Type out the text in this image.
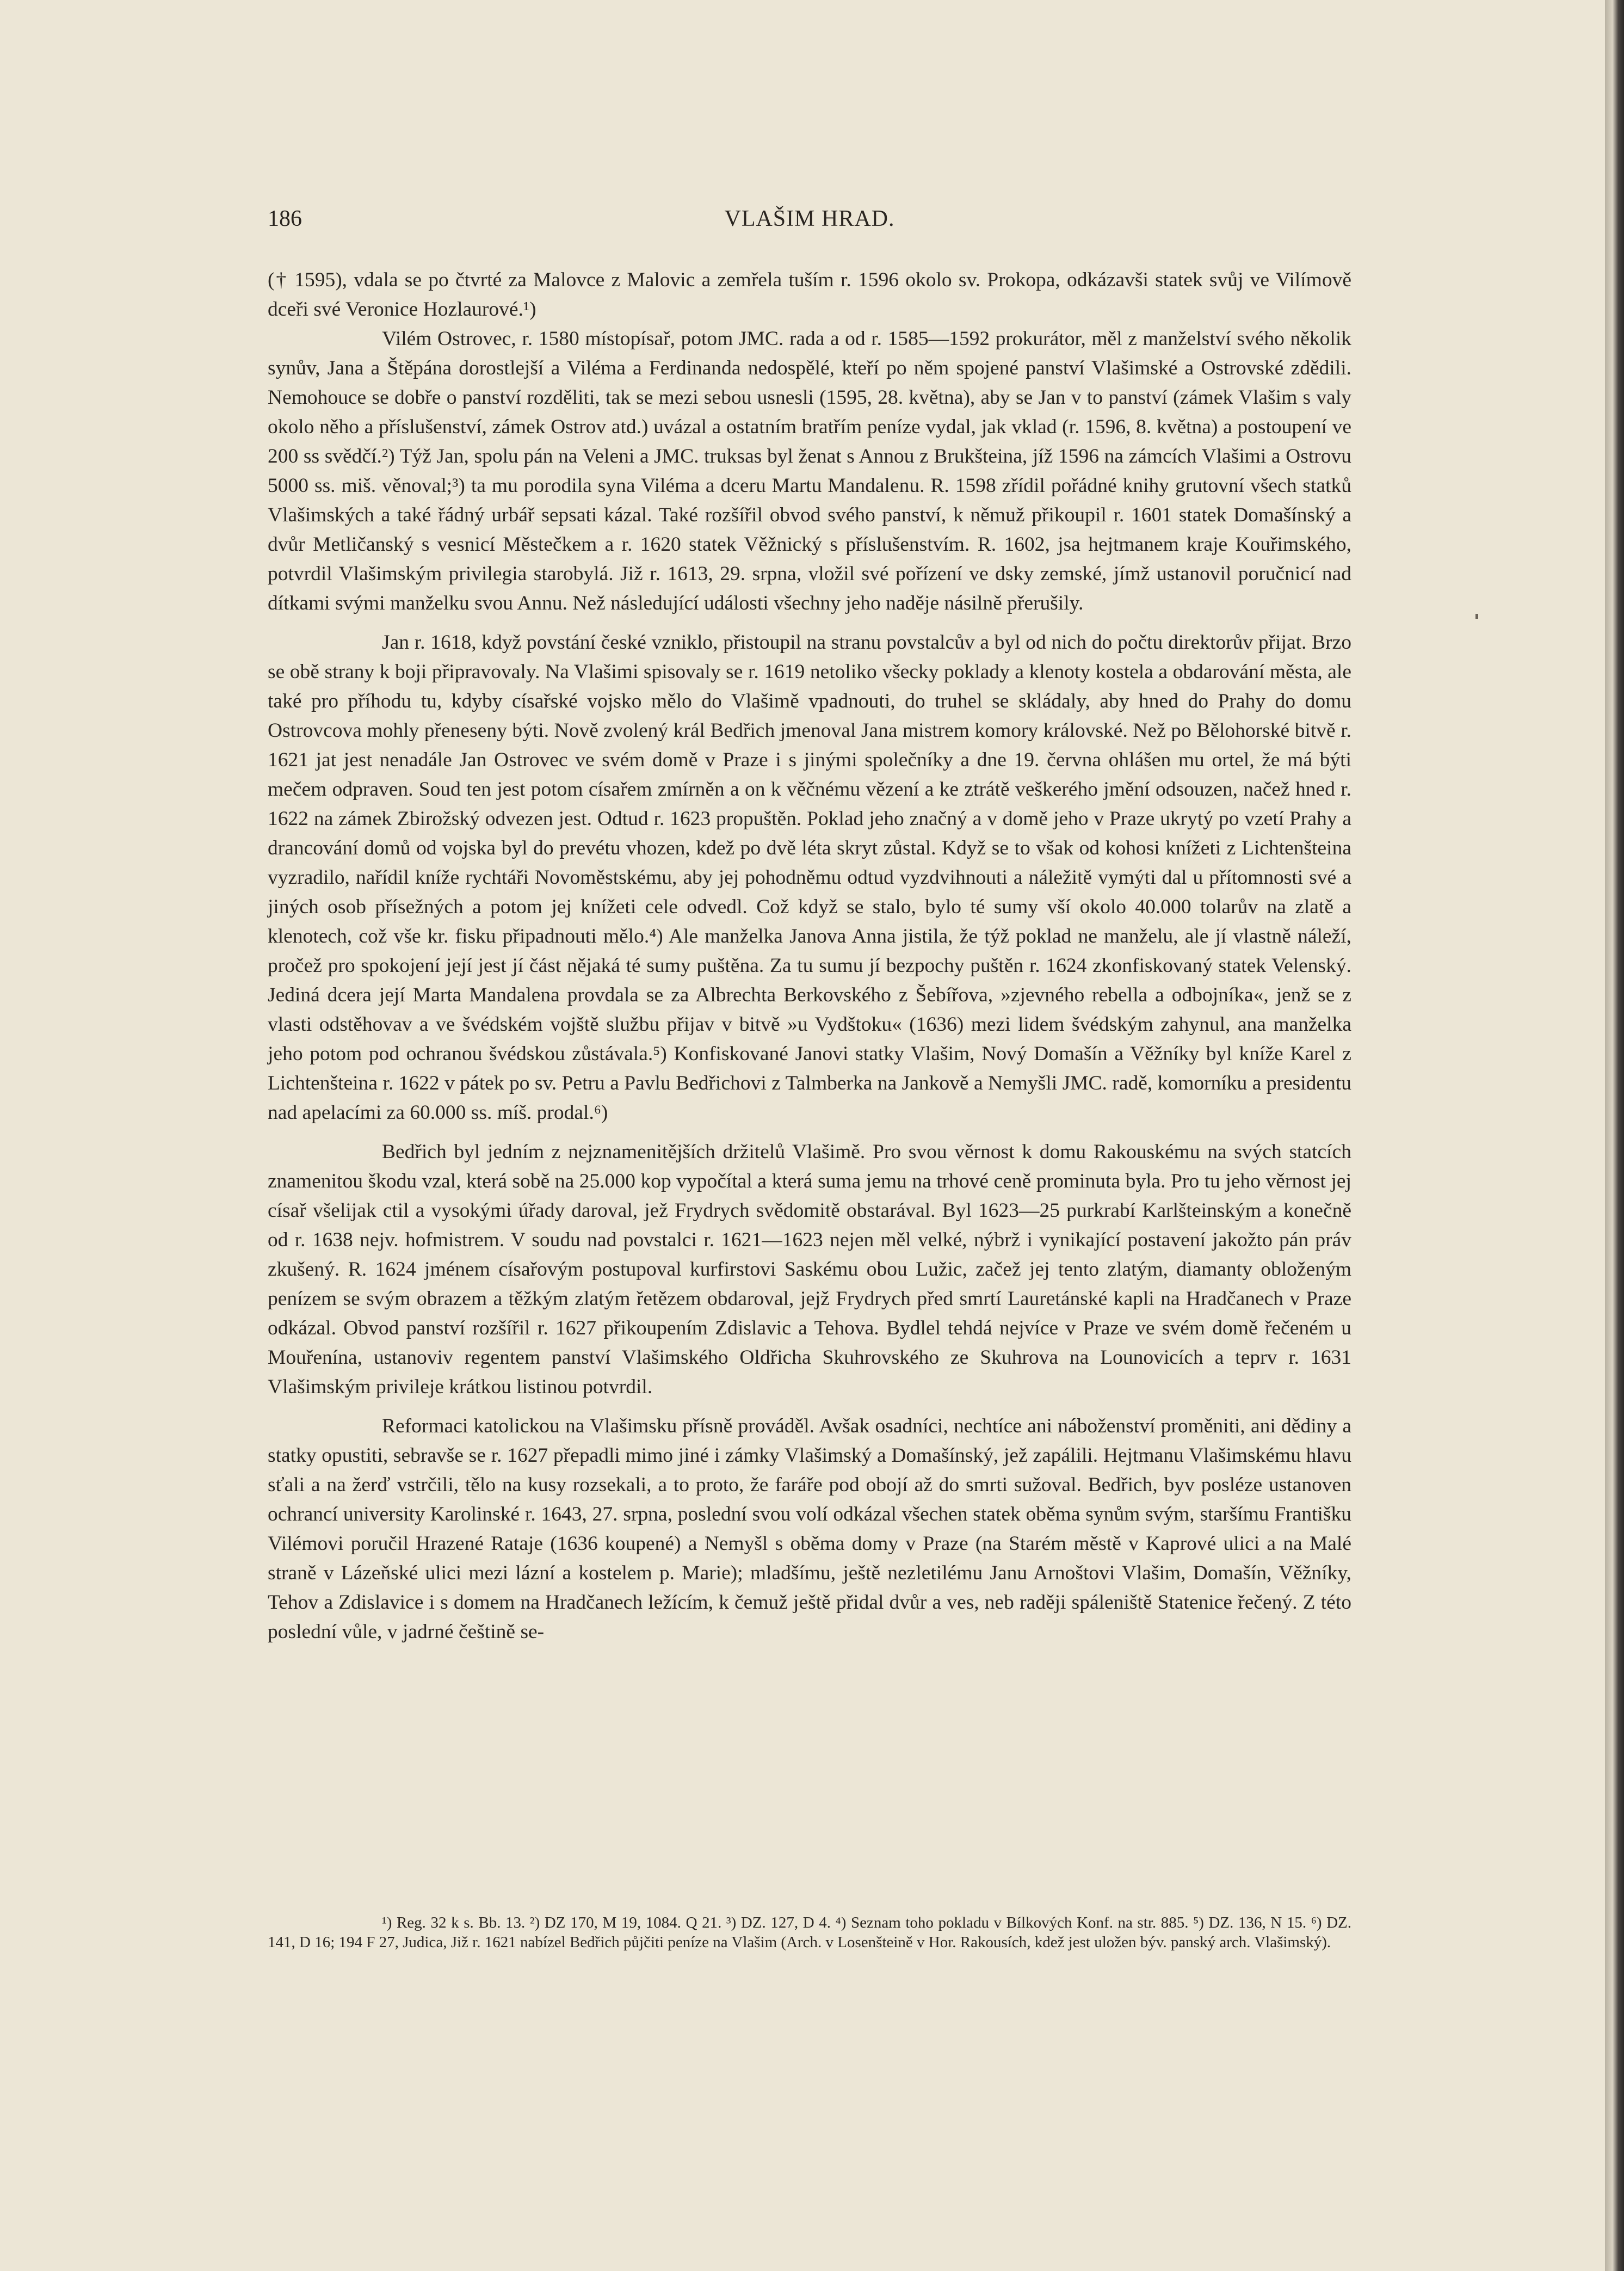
186	VLAŠIM HRAD.

(† 1595), vdala se po čtvrté za Malovce z Malovic a zemřela tuším r. 1596 okolo sv. Prokopa, odkázavši statek svůj ve Vilímově dceři své Veronice Hozlaurové.¹)

Vilém Ostrovec, r. 1580 místopísař, potom JMC. rada a od r. 1585—1592 prokurátor, měl z manželství svého několik synův, Jana a Štěpána dorostlejší a Viléma a Ferdinanda nedospělé, kteří po něm spojené panství Vlašimské a Ostrovské zdědili. Nemohouce se dobře o panství rozděliti, tak se mezi sebou usnesli (1595, 28. května), aby se Jan v to panství (zámek Vlašim s valy okolo něho a příslušenství, zámek Ostrov atd.) uvázal a ostatním bratřím peníze vydal, jak vklad (r. 1596, 8. května) a postoupení ve 200 ss svědčí.²) Týž Jan, spolu pán na Veleni a JMC. truksas byl ženat s Annou z Brukšteina, jíž 1596 na zámcích Vlašimi a Ostrovu 5000 ss. miš. věnoval;³) ta mu porodila syna Viléma a dceru Martu Mandalenu. R. 1598 zřídil pořádné knihy grutovní všech statků Vlašimských a také řádný urbář sepsati kázal. Také rozšířil obvod svého panství, k němuž přikoupil r. 1601 statek Domašínský a dvůr Metličanský s vesnicí Městečkem a r. 1620 statek Věžnický s příslušenstvím. R. 1602, jsa hejtmanem kraje Kouřimského, potvrdil Vlašimským privilegia starobylá. Již r. 1613, 29. srpna, vložil své pořízení ve dsky zemské, jímž ustanovil poručnicí nad dítkami svými manželku svou Annu. Než následující události všechny jeho naděje násilně přerušily.

Jan r. 1618, když povstání české vzniklo, přistoupil na stranu povstalcův a byl od nich do počtu direktorův přijat. Brzo se obě strany k boji připravovaly. Na Vlašimi spisovaly se r. 1619 netoliko všecky poklady a klenoty kostela a obdarování města, ale také pro příhodu tu, kdyby císařské vojsko mělo do Vlašimě vpadnouti, do truhel se skládaly, aby hned do Prahy do domu Ostrovcova mohly přeneseny býti. Nově zvolený král Bedřich jmenoval Jana mistrem komory královské. Než po Bělohorské bitvě r. 1621 jat jest nenadále Jan Ostrovec ve svém domě v Praze i s jinými společníky a dne 19. června ohlášen mu ortel, že má býti mečem odpraven. Soud ten jest potom císařem zmírněn a on k věčnému vězení a ke ztrátě veškerého jmění odsouzen, načež hned r. 1622 na zámek Zbirožský odvezen jest. Odtud r. 1623 propuštěn. Poklad jeho značný a v domě jeho v Praze ukrytý po vzetí Prahy a drancování domů od vojska byl do prevétu vhozen, kdež po dvě léta skryt zůstal. Když se to však od kohosi knížeti z Lichtenšteina vyzradilo, nařídil kníže rychtáři Novoměstskému, aby jej pohodněmu odtud vyzdvihnouti a náležitě vymýti dal u přítomnosti své a jiných osob přísežných a potom jej knížeti cele odvedl. Což když se stalo, bylo té sumy vší okolo 40.000 tolarův na zlatě a klenotech, což vše kr. fisku připadnouti mělo.⁴) Ale manželka Janova Anna jistila, že týž poklad ne manželu, ale jí vlastně náleží, pročež pro spokojení její jest jí část nějaká té sumy puštěna. Za tu sumu jí bezpochy puštěn r. 1624 zkonfiskovaný statek Velenský. Jediná dcera její Marta Mandalena provdala se za Albrechta Berkovského z Šebířova, »zjevného rebella a odbojníka«, jenž se z vlasti odstěhovav a ve švédském vojště službu přijav v bitvě »u Vydštoku« (1636) mezi lidem švédským zahynul, ana manželka jeho potom pod ochranou švédskou zůstávala.⁵) Konfiskované Janovi statky Vlašim, Nový Domašín a Věžníky byl kníže Karel z Lichtenšteina r. 1622 v pátek po sv. Petru a Pavlu Bedřichovi z Talmberka na Jankově a Nemyšli JMC. radě, komorníku a presidentu nad apelacími za 60.000 ss. míš. prodal.⁶)

Bedřich byl jedním z nejznamenitějších držitelů Vlašimě. Pro svou věrnost k domu Rakouskému na svých statcích znamenitou škodu vzal, která sobě na 25.000 kop vypočítal a která suma jemu na trhové ceně prominuta byla. Pro tu jeho věrnost jej císař všelijak ctil a vysokými úřady daroval, jež Frydrych svědomitě obstarával. Byl 1623—25 purkrabí Karlšteinským a konečně od r. 1638 nejv. hofmistrem. V soudu nad povstalci r. 1621—1623 nejen měl velké, nýbrž i vynikající postavení jakožto pán práv zkušený. R. 1624 jménem císařovým postupoval kurfirstovi Saskému obou Lužic, začež jej tento zlatým, diamanty obloženým penízem se svým obrazem a těžkým zlatým řetězem obdaroval, jejž Frydrych před smrtí Lauretánské kapli na Hradčanech v Praze odkázal. Obvod panství rozšířil r. 1627 přikoupením Zdislavic a Tehova. Bydlel tehdá nejvíce v Praze ve svém domě řečeném u Mouřenína, ustanoviv regentem panství Vlašimského Oldřicha Skuhrovského ze Skuhrova na Lounovicích a teprv r. 1631 Vlašimským privileje krátkou listinou potvrdil.

Reformaci katolickou na Vlašimsku přísně prováděl. Avšak osadníci, nechtíce ani náboženství proměniti, ani dědiny a statky opustiti, sebravše se r. 1627 přepadli mimo jiné i zámky Vlašimský a Domašínský, jež zapálili. Hejtmanu Vlašimskému hlavu sťali a na žerď vstrčili, tělo na kusy rozsekali, a to proto, že faráře pod obojí až do smrti sužoval. Bedřich, byv posléze ustanoven ochrancí university Karolinské r. 1643, 27. srpna, poslední svou volí odkázal všechen statek oběma synům svým, staršímu Františku Vilémovi poručil Hrazené Rataje (1636 koupené) a Nemyšl s oběma domy v Praze (na Starém městě v Kaprové ulici a na Malé straně v Lázeňské ulici mezi lázní a kostelem p. Marie); mladšímu, ještě nezletilému Janu Arnoštovi Vlašim, Domašín, Věžníky, Tehov a Zdislavice i s domem na Hradčanech ležícím, k čemuž ještě přidal dvůr a ves, neb raději spáleniště Statenice řečený. Z této poslední vůle, v jadrné češtině se-

¹) Reg. 32 k s. Bb. 13. ²) DZ 170, M 19, 1084. Q 21. ³) DZ. 127, D 4. ⁴) Seznam toho pokladu v Bílkových Konf. na str. 885. ⁵) DZ. 136, N 15. ⁶) DZ. 141, D 16; 194 F 27, Judica, Již r. 1621 nabízel Bedřich půjčiti peníze na Vlašim (Arch. v Losenšteině v Hor. Rakousích, kdež jest uložen býv. panský arch. Vlašimský).
